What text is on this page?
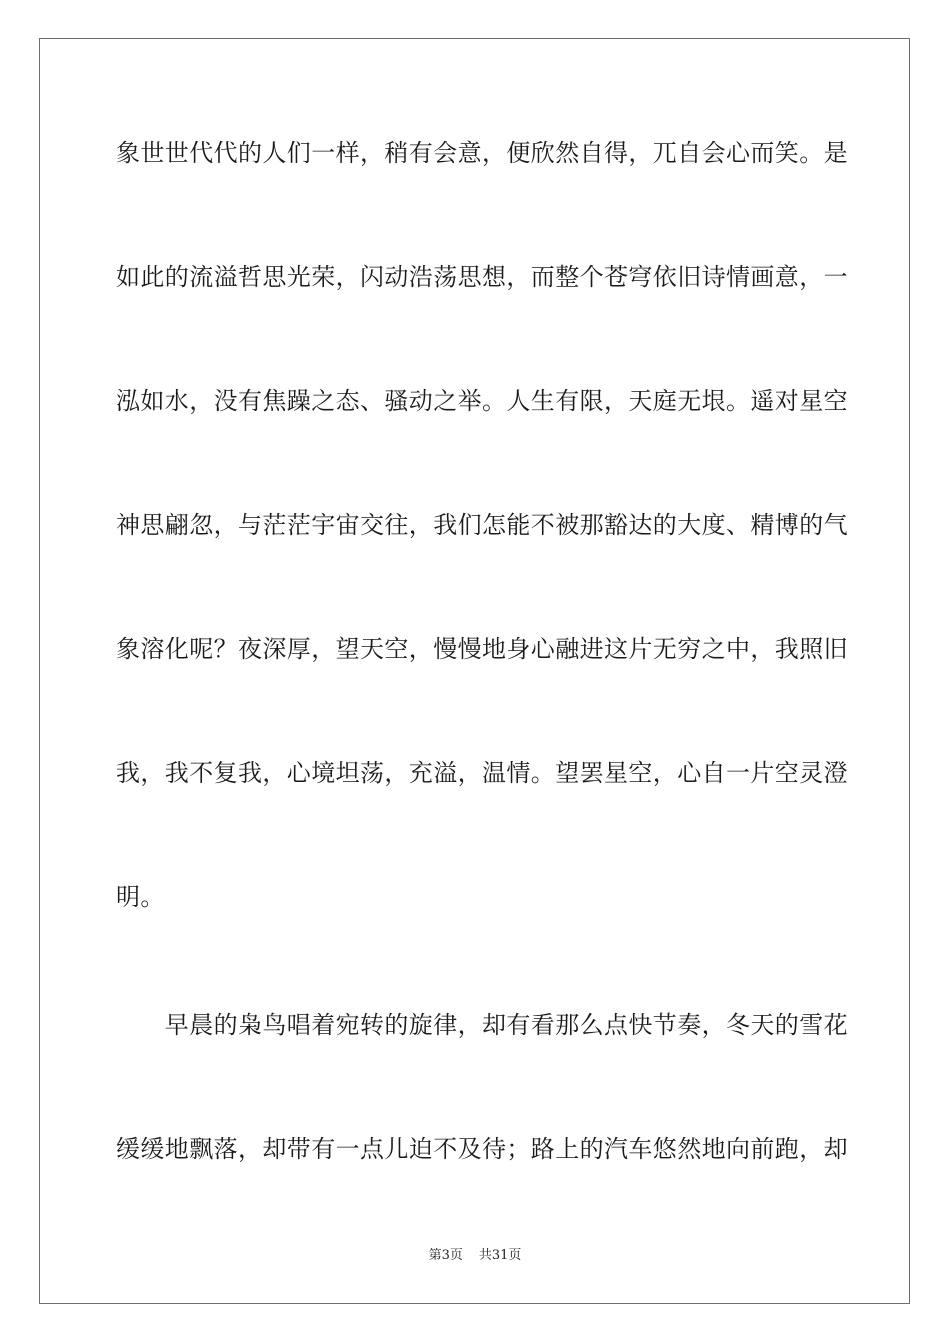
象世世代代的人们一样，稍有会意，便欣然自得，兀自会心而笑。是
如此的流溢哲思光荣，闪动浩荡思想，而整个苍穹依旧诗情画意，一
泓如水，没有焦躁之态、骚动之举。人生有限，天庭无垠。遥对星空
神思翩忽，与茫茫宇宙交往，我们怎能不被那豁达的大度、精博的气
象溶化呢？夜深厚，望天空，慢慢地身心融进这片无穷之中，我照旧
我，我不复我，心境坦荡，充溢，温情。望罢星空，心自一片空灵澄
明。
　　早晨的枭鸟唱着宛转的旋律，却有看那么点快节奏，冬天的雪花
缓缓地飘落，却带有一点儿迫不及待；路上的汽车悠然地向前跑，却
第3页 共31页
